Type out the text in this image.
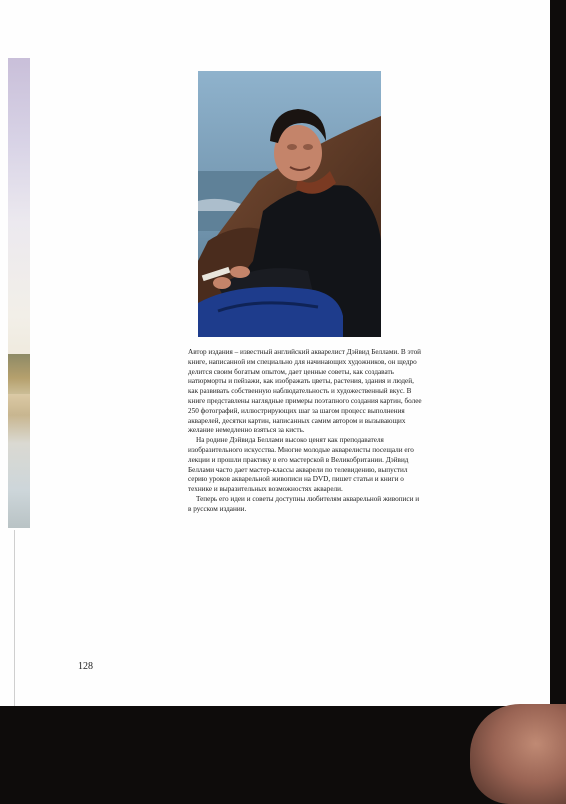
Автор издания – известный английский акварелист Дэйвид Беллами. В этой книге, написанной им специально для начинающих художников, он щедро делится своим богатым опытом, дает ценные советы, как создавать натюрморты и пейзажи, как изображать цветы, растения, здания и людей, как развивать собственную наблюдательность и художественный вкус. В книге представлены наглядные примеры поэтапного создания картин, более 250 фотографий, иллюстрирующих шаг за шагом процесс выполнения акварелей, десятки картин, написанных самим автором и вызывающих желание немедленно взяться за кисть.

На родине Дэйвида Беллами высоко ценят как преподавателя изобразительного искусства. Многие молодые акварелисты посещали его лекции и прошли практику в его мастерской в Великобритании. Дэйвид Беллами часто дает мастер-классы акварели по телевидению, выпустил серию уроков акварельной живописи на DVD, пишет статьи и книги о технике и выразительных возможностях акварели.

Теперь его идеи и советы доступны любителям акварельной живописи и в русском издании.

128
